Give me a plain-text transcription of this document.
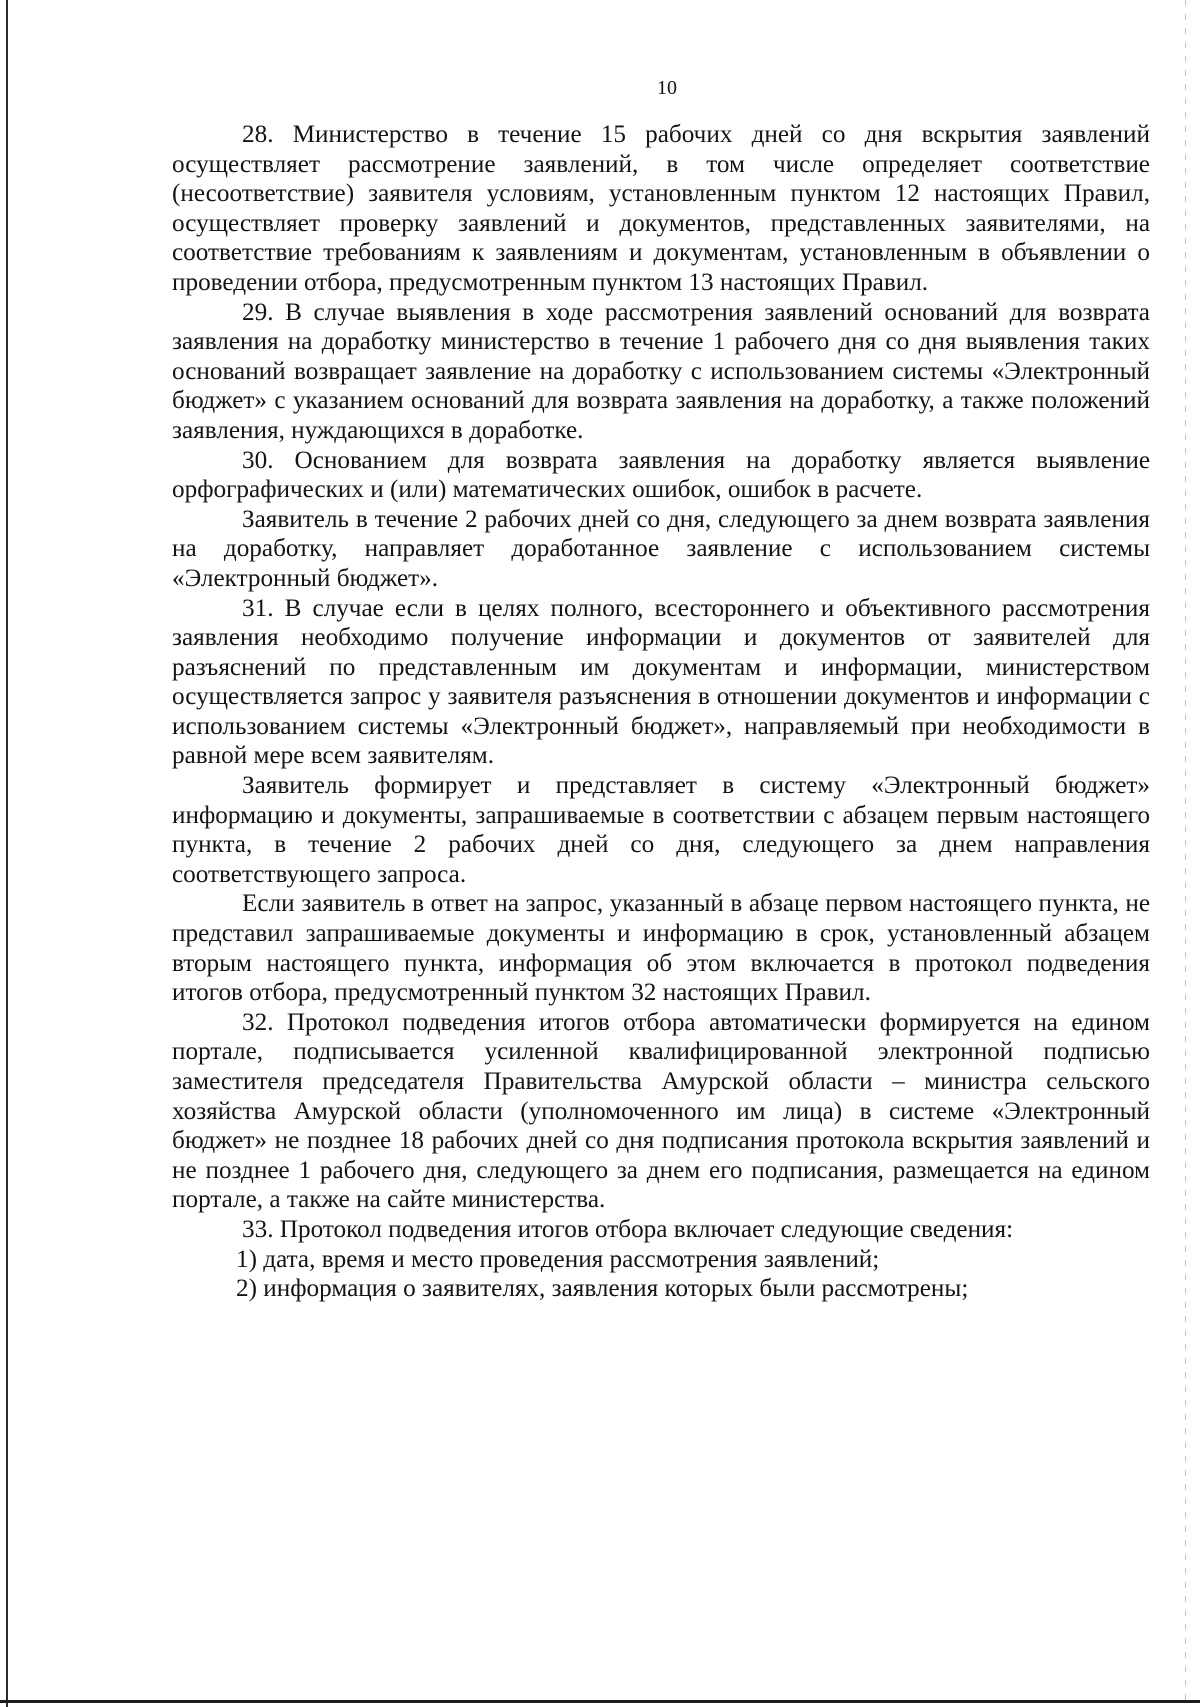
10

28. Министерство в течение 15 рабочих дней со дня вскрытия заявлений осуществляет рассмотрение заявлений, в том числе определяет соответствие (несоответствие) заявителя условиям, установленным пунктом 12 настоящих Правил, осуществляет проверку заявлений и документов, представленных заявителями, на соответствие требованиям к заявлениям и документам, установленным в объявлении о проведении отбора, предусмотренным пунктом 13 настоящих Правил.

29. В случае выявления в ходе рассмотрения заявлений оснований для возврата заявления на доработку министерство в течение 1 рабочего дня со дня выявления таких оснований возвращает заявление на доработку с использованием системы «Электронный бюджет» с указанием оснований для возврата заявления на доработку, а также положений заявления, нуждающихся в доработке.

30. Основанием для возврата заявления на доработку является выявление орфографических и (или) математических ошибок, ошибок в расчете.

Заявитель в течение 2 рабочих дней со дня, следующего за днем возврата заявления на доработку, направляет доработанное заявление с использованием системы «Электронный бюджет».

31. В случае если в целях полного, всестороннего и объективного рассмотрения заявления необходимо получение информации и документов от заявителей для разъяснений по представленным им документам и информации, министерством осуществляется запрос у заявителя разъяснения в отношении документов и информации с использованием системы «Электронный бюджет», направляемый при необходимости в равной мере всем заявителям.

Заявитель формирует и представляет в систему «Электронный бюджет» информацию и документы, запрашиваемые в соответствии с абзацем первым настоящего пункта, в течение 2 рабочих дней со дня, следующего за днем направления соответствующего запроса.

Если заявитель в ответ на запрос, указанный в абзаце первом настоящего пункта, не представил запрашиваемые документы и информацию в срок, установленный абзацем вторым настоящего пункта, информация об этом включается в протокол подведения итогов отбора, предусмотренный пунктом 32 настоящих Правил.

32. Протокол подведения итогов отбора автоматически формируется на едином портале, подписывается усиленной квалифицированной электронной подписью заместителя председателя Правительства Амурской области – министра сельского хозяйства Амурской области (уполномоченного им лица) в системе «Электронный бюджет» не позднее 18 рабочих дней со дня подписания протокола вскрытия заявлений и не позднее 1 рабочего дня, следующего за днем его подписания, размещается на едином портале, а также на сайте министерства.

33. Протокол подведения итогов отбора включает следующие сведения:

1) дата, время и место проведения рассмотрения заявлений;

2) информация о заявителях, заявления которых были рассмотрены;
